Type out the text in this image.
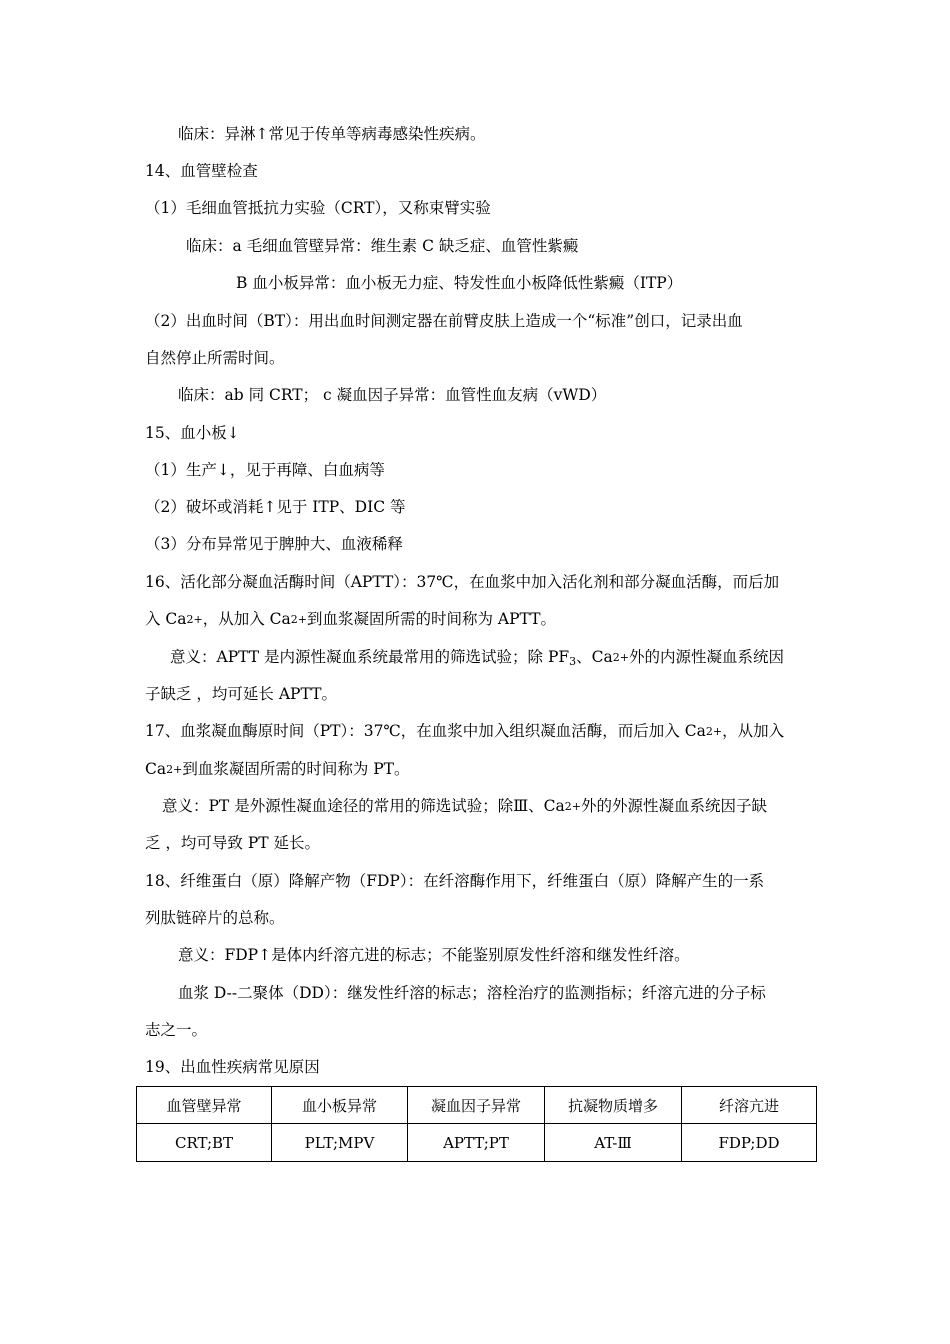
临床：异淋↑常见于传单等病毒感染性疾病。

14、血管壁检查

（1）毛细血管抵抗力实验（CRT），又称束臂实验

临床：a 毛细血管壁异常：维生素 C 缺乏症、血管性紫癜

B 血小板异常：血小板无力症、特发性血小板降低性紫癜（ITP）

（2）出血时间（BT）：用出血时间测定器在前臂皮肤上造成一个“标准”创口，记录出血

自然停止所需时间。

临床：ab 同 CRT； c 凝血因子异常：血管性血友病（vWD）

15、血小板↓

（1）生产↓，见于再障、白血病等

（2）破坏或消耗↑见于 ITP、DIC 等

（3）分布异常见于脾肿大、血液稀释

16、活化部分凝血活酶时间（APTT）：37℃，在血浆中加入活化剂和部分凝血活酶，而后加

入 Ca2+，从加入 Ca2+到血浆凝固所需的时间称为 APTT。

意义：APTT 是内源性凝血系统最常用的筛选试验；除 PF3、Ca2+外的内源性凝血系统因

子缺乏 ，均可延长 APTT。

17、血浆凝血酶原时间（PT）：37℃，在血浆中加入组织凝血活酶，而后加入 Ca2+，从加入

Ca2+到血浆凝固所需的时间称为 PT。

意义：PT 是外源性凝血途径的常用的筛选试验；除Ⅲ、Ca2+外的外源性凝血系统因子缺

乏 ，均可导致 PT 延长。

18、纤维蛋白（原）降解产物（FDP）：在纤溶酶作用下，纤维蛋白（原）降解产生的一系

列肽链碎片的总称。

意义：FDP↑是体内纤溶亢进的标志；不能鉴别原发性纤溶和继发性纤溶。

血浆 D--二聚体（DD）：继发性纤溶的标志；溶栓治疗的监测指标；纤溶亢进的分子标

志之一。

19、出血性疾病常见原因

血管壁异常	血小板异常	凝血因子异常	抗凝物质增多	纤溶亢进
CRT;BT	PLT;MPV	APTT;PT	AT-Ⅲ	FDP;DD
